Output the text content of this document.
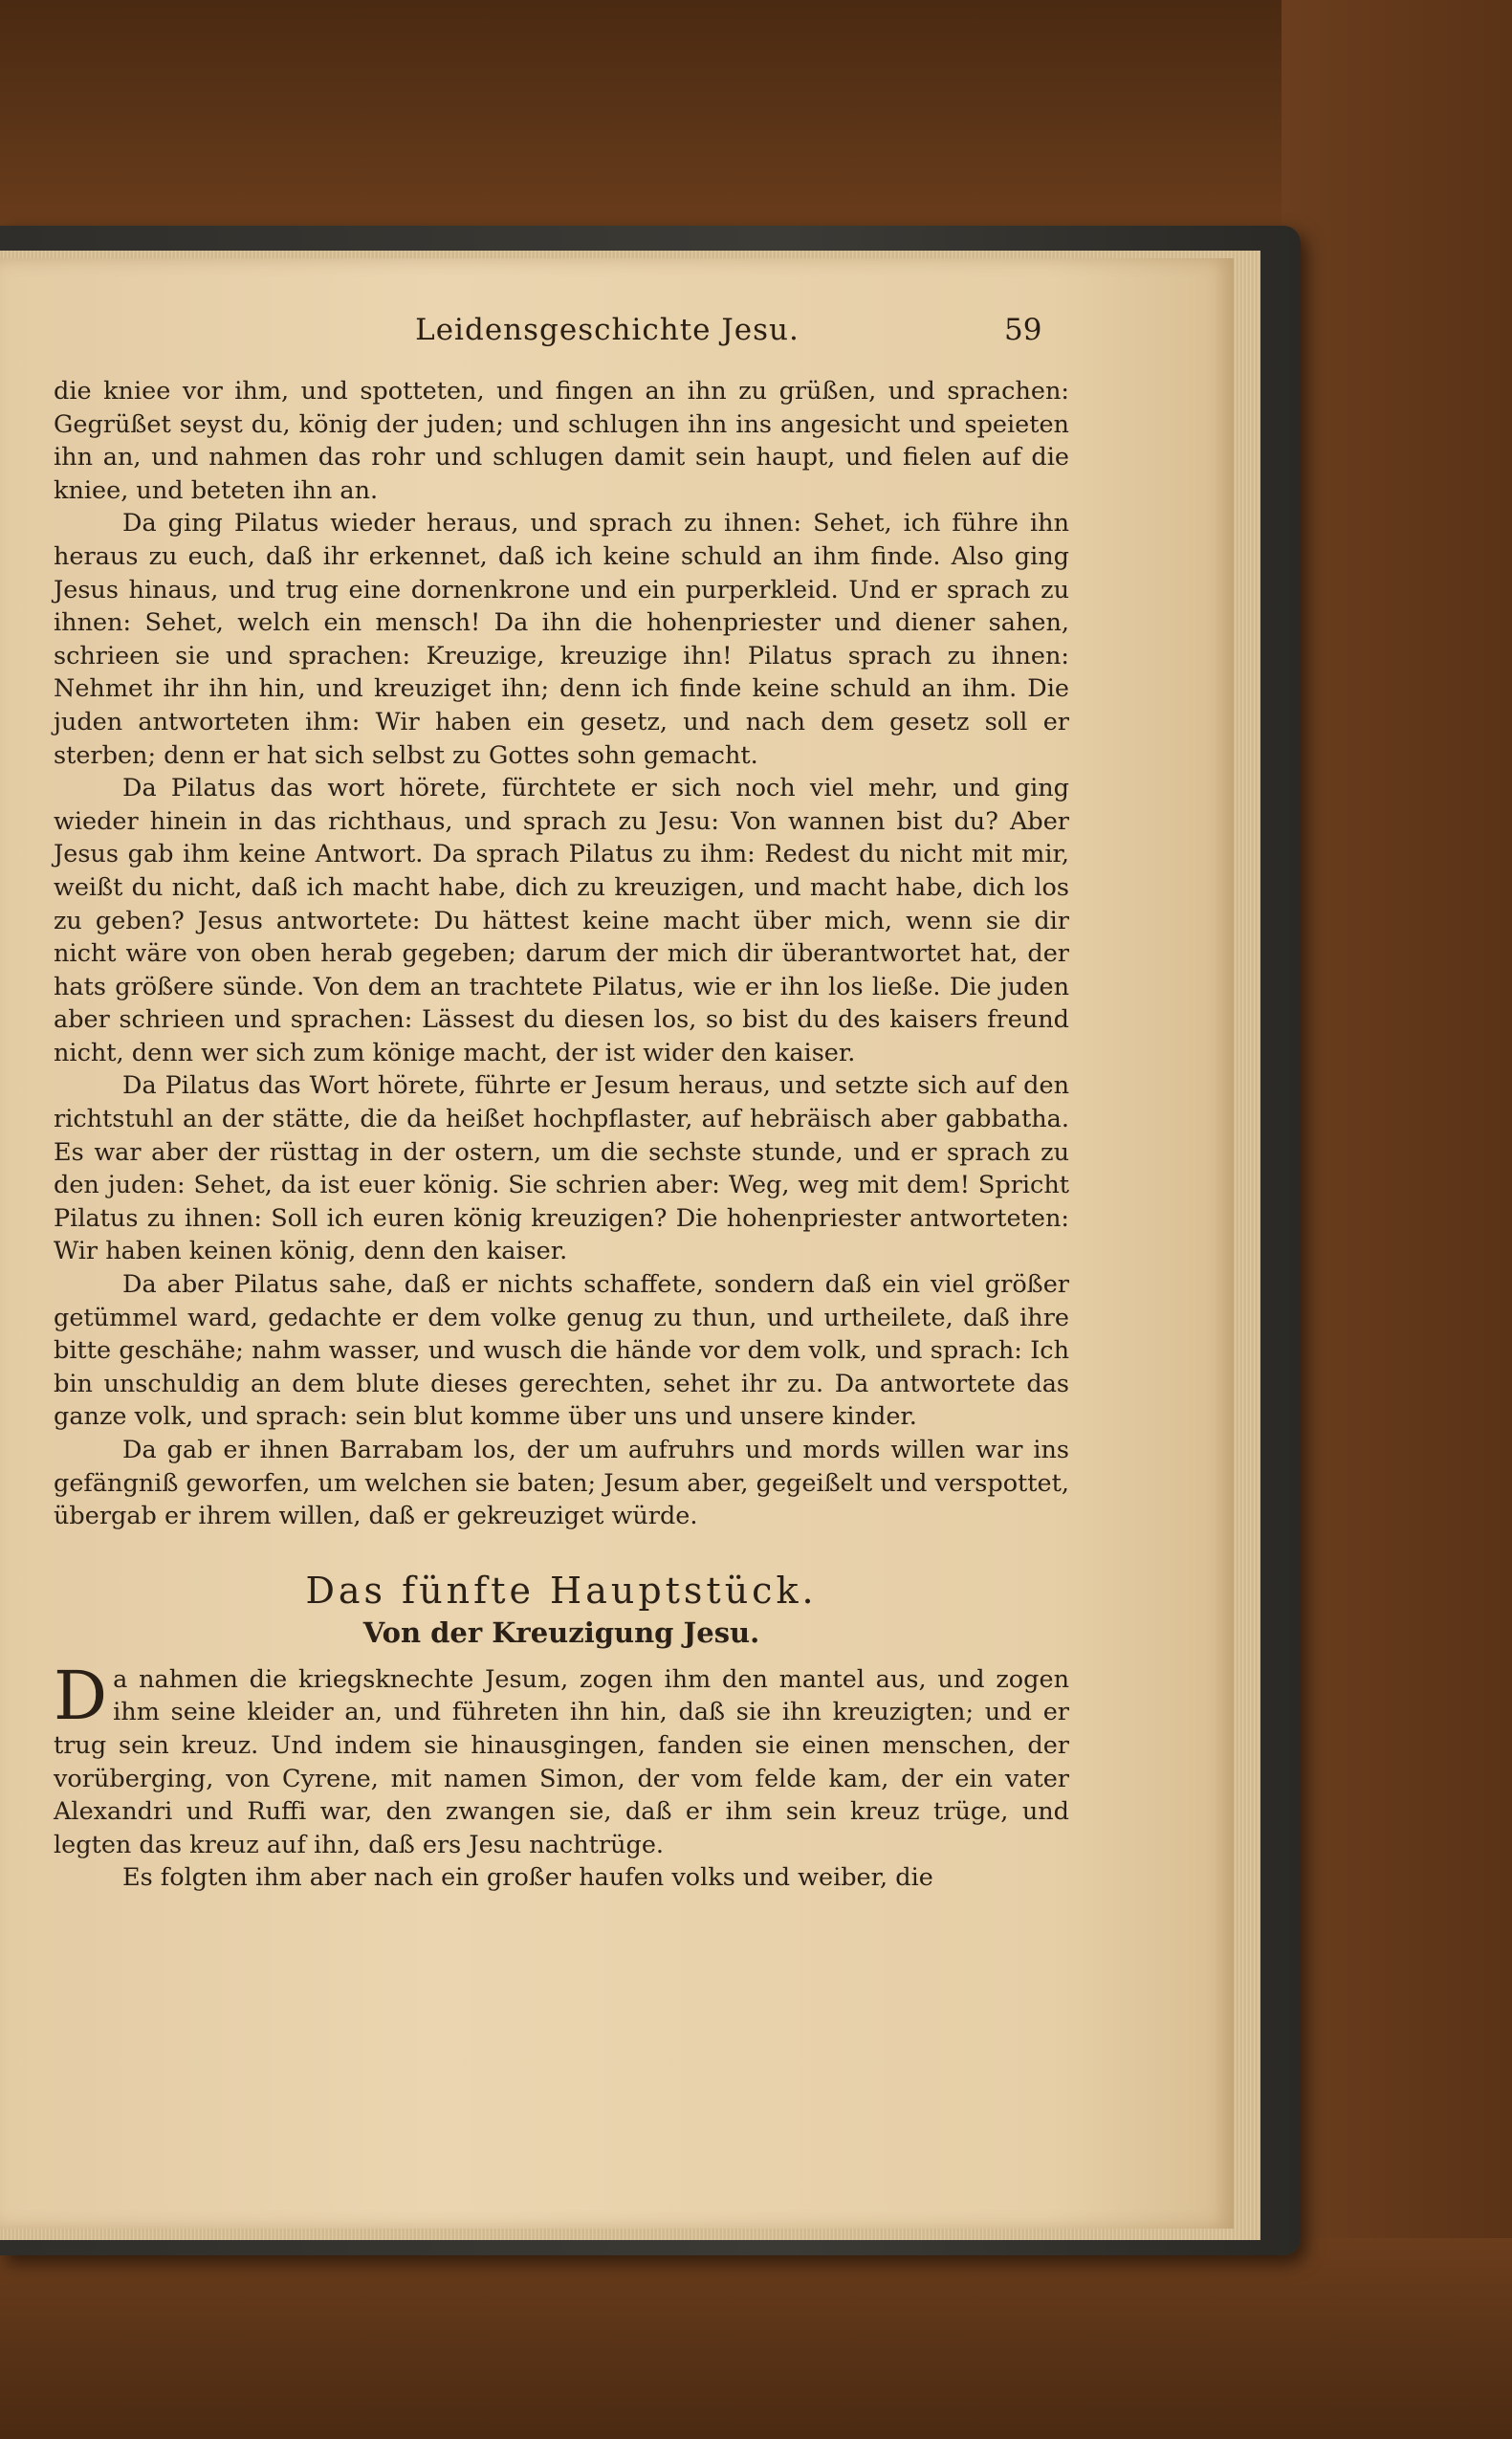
Leidensgeschichte Jesu.	59

die kniee vor ihm, und spotteten, und fingen an ihn zu grüßen, und sprachen: Gegrüßet seyst du, könig der juden; und schlugen ihn ins angesicht und speieten ihn an, und nahmen das rohr und schlugen damit sein haupt, und fielen auf die kniee, und beteten ihn an.

Da ging Pilatus wieder heraus, und sprach zu ihnen: Sehet, ich führe ihn heraus zu euch, daß ihr erkennet, daß ich keine schuld an ihm finde. Also ging Jesus hinaus, und trug eine dornenkrone und ein purperkleid. Und er sprach zu ihnen: Sehet, welch ein mensch! Da ihn die hohenpriester und diener sahen, schrieen sie und sprachen: Kreuzige, kreuzige ihn! Pilatus sprach zu ihnen: Nehmet ihr ihn hin, und kreuziget ihn; denn ich finde keine schuld an ihm. Die juden antworteten ihm: Wir haben ein gesetz, und nach dem gesetz soll er sterben; denn er hat sich selbst zu Gottes sohn gemacht.

Da Pilatus das wort hörete, fürchtete er sich noch viel mehr, und ging wieder hinein in das richthaus, und sprach zu Jesu: Von wannen bist du? Aber Jesus gab ihm keine Antwort. Da sprach Pilatus zu ihm: Redest du nicht mit mir, weißt du nicht, daß ich macht habe, dich zu kreuzigen, und macht habe, dich los zu geben? Jesus antwortete: Du hättest keine macht über mich, wenn sie dir nicht wäre von oben herab gegeben; darum der mich dir überantwortet hat, der hats größere sünde. Von dem an trachtete Pilatus, wie er ihn los ließe. Die juden aber schrieen und sprachen: Lässest du diesen los, so bist du des kaisers freund nicht, denn wer sich zum könige macht, der ist wider den kaiser.

Da Pilatus das Wort hörete, führte er Jesum heraus, und setzte sich auf den richtstuhl an der stätte, die da heißet hochpflaster, auf hebräisch aber gabbatha. Es war aber der rüsttag in der ostern, um die sechste stunde, und er sprach zu den juden: Sehet, da ist euer könig. Sie schrien aber: Weg, weg mit dem! Spricht Pilatus zu ihnen: Soll ich euren könig kreuzigen? Die hohenpriester antworteten: Wir haben keinen könig, denn den kaiser.

Da aber Pilatus sahe, daß er nichts schaffete, sondern daß ein viel größer getümmel ward, gedachte er dem volke genug zu thun, und urtheilete, daß ihre bitte geschähe; nahm wasser, und wusch die hände vor dem volk, und sprach: Ich bin unschuldig an dem blute dieses gerechten, sehet ihr zu. Da antwortete das ganze volk, und sprach: sein blut komme über uns und unsere kinder.

Da gab er ihnen Barrabam los, der um aufruhrs und mords willen war ins gefängniß geworfen, um welchen sie baten; Jesum aber, gegeißelt und verspottet, übergab er ihrem willen, daß er gekreuziget würde.

Das fünfte Hauptstück.
Von der Kreuzigung Jesu.

Da nahmen die kriegsknechte Jesum, zogen ihm den mantel aus, und zogen ihm seine kleider an, und führeten ihn hin, daß sie ihn kreuzigten; und er trug sein kreuz. Und indem sie hinausgingen, fanden sie einen menschen, der vorüberging, von Cyrene, mit namen Simon, der vom felde kam, der ein vater Alexandri und Ruffi war, den zwangen sie, daß er ihm sein kreuz trüge, und legten das kreuz auf ihn, daß ers Jesu nachtrüge.

Es folgten ihm aber nach ein großer haufen volks und weiber, die
